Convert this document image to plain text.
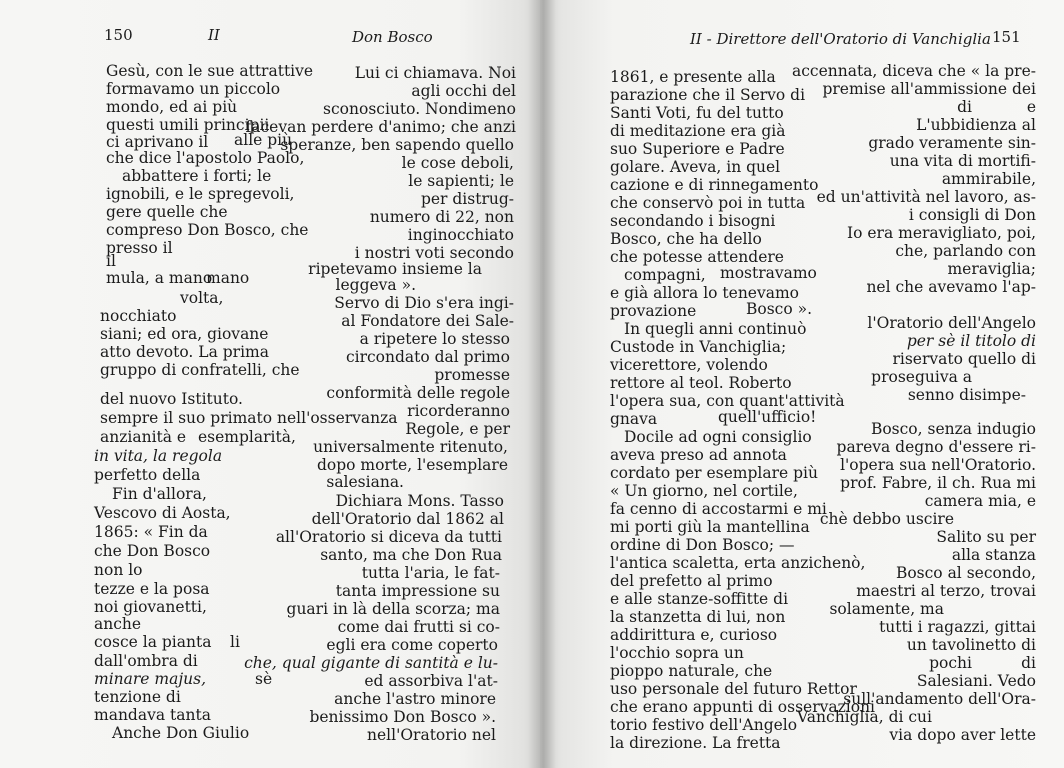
150	II	Don Bosco
Gesù, con le sue attrattive
formavamo un piccolo
mondo, ed ai più
questi umili principii
ci aprivano il alle più
che dice l'apostolo Paolo,
abbattere i forti; le
ignobili, e le spregevoli,
gere quelle che
compreso Don Bosco, che
presso il
il
mula, a mano
mano
volta,
nocchiato
siani; ed ora, giovane
atto devoto. La prima
gruppo di confratelli, che
del nuovo Istituto.
sempre il suo primato nell'osservanza
anzianità e esemplarità,
in vita, la regola
perfetto della
Fin d'allora,
Vescovo di Aosta,
1865: « Fin da
che Don Bosco
non lo
tezze e la posa
noi giovanetti,
anche
cosce la pianta li
dall'ombra di
minare majus,	sè
tenzione di
mandava tanta
Anche Don Giulio
Lui ci chiamava. Noi
agli occhi del
sconosciuto. Nondimeno
facevan perdere d'animo; che anzi
speranze, ben sapendo quello
le cose deboli,
le sapienti; le
per distrug-
numero di 22, non
inginocchiato
i nostri voti secondo
ripetevamo insieme la
leggeva ».
Servo di Dio s'era ingi-
al Fondatore dei Sale-
a ripetere lo stesso
circondato dal primo
promesse
conformità delle regole
ricorderanno
Regole, e per
universalmente ritenuto,
dopo morte, l'esemplare
salesiana.
Dichiara Mons. Tasso
dell'Oratorio dal 1862 al
all'Oratorio si diceva da tutti
santo, ma che Don Rua
tutta l'aria, le fat-
tanta impressione su
guari in là della scorza; ma
come dai frutti si co-
egli era come coperto
che, qual gigante di santità e lu-
ed assorbiva l'at-
anche l'astro minore
benissimo Don Bosco ».
nell'Oratorio nel
II - Direttore dell'Oratorio di Vanchiglia 151
1861, e presente alla
parazione che il Servo di
Santi Voti, fu del tutto
di meditazione era già
suo Superiore e Padre
golare. Aveva, in quel
cazione e di rinnegamento
che conservò poi in tutta
secondando i bisogni
Bosco, che ha dello
che potesse attendere
compagni, mostravamo
e già allora lo tenevamo
provazione	Bosco ».
In quegli anni continuò
Custode in Vanchiglia;
vicerettore, volendo
rettore al teol. Roberto
l'opera sua, con quant'attività
gnava	quell'ufficio!
Docile ad ogni consiglio
aveva preso ad annota
cordato per esemplare più
« Un giorno, nel cortile,
fa cenno di accostarmi e mi
mi porti giù la mantellina
ordine di Don Bosco; —
l'antica scaletta, erta anzichenò,
del prefetto al primo
e alle stanze-soffitte di
la stanzetta di lui, non
addirittura e, curioso
l'occhio sopra un
pioppo naturale, che
uso personale del futuro Rettor
che erano appunti di osservazioni
torio festivo dell'Angelo
la direzione. La fretta
accennata, diceva che « la pre-
premise all'ammissione dei
di	e
L'ubbidienza al
grado veramente sin-
una vita di mortifi-
ammirabile,
ed un'attività nel lavoro, as-
i consigli di Don
Io era meravigliato, poi,
che, parlando con
meraviglia;
nel che avevamo l'ap-
l'Oratorio dell'Angelo
per sè il titolo di
riservato quello di
proseguiva a
senno disimpe-
Bosco, senza indugio
pareva degno d'essere ri-
l'opera sua nell'Oratorio.
prof. Fabre, il ch. Rua mi
camera mia, e
chè debbo uscire
Salito su per
alla stanza
Bosco al secondo,
maestri al terzo, trovai
solamente, ma
tutti i ragazzi, gittai
un tavolinetto di
pochi	di
Salesiani. Vedo
sull'andamento dell'Ora-
Vanchiglia, di cui
via dopo aver lette
